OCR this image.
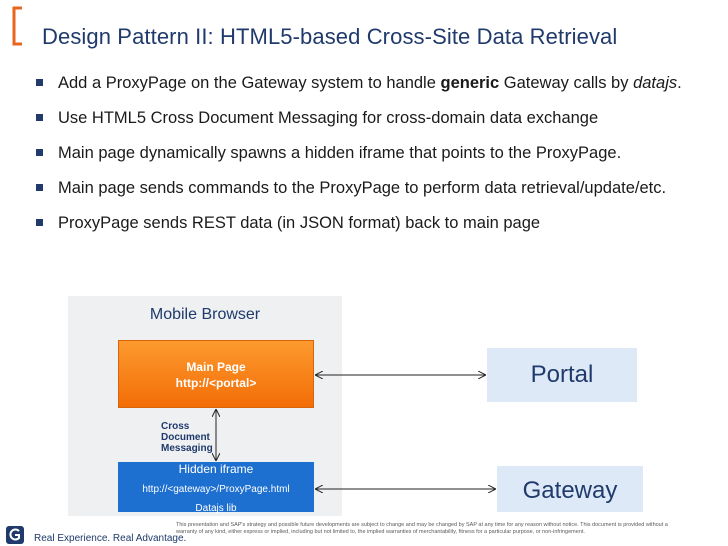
Design Pattern II: HTML5-based Cross-Site Data Retrieval
Add a ProxyPage on the Gateway system to handle generic Gateway calls by datajs.
Use HTML5 Cross Document Messaging for cross-domain data exchange
Main page dynamically spawns a hidden iframe that points to the ProxyPage.
Main page sends commands to the ProxyPage to perform data retrieval/update/etc.
ProxyPage sends REST data (in JSON format) back to main page
Mobile Browser
Main Page
http://<portal>
Cross
Document
Messaging
Hidden iframe
http://<gateway>/ProxyPage.html
Datajs lib
Portal
Gateway
Real Experience. Real Advantage.
This presentation and SAP's strategy and possible future developments are subject to change and may be changed by SAP at any time for any reason without notice. This document is provided without a
warranty of any kind, either express or implied, including but not limited to, the implied warranties of merchantability, fitness for a particular purpose, or non-infringement.
